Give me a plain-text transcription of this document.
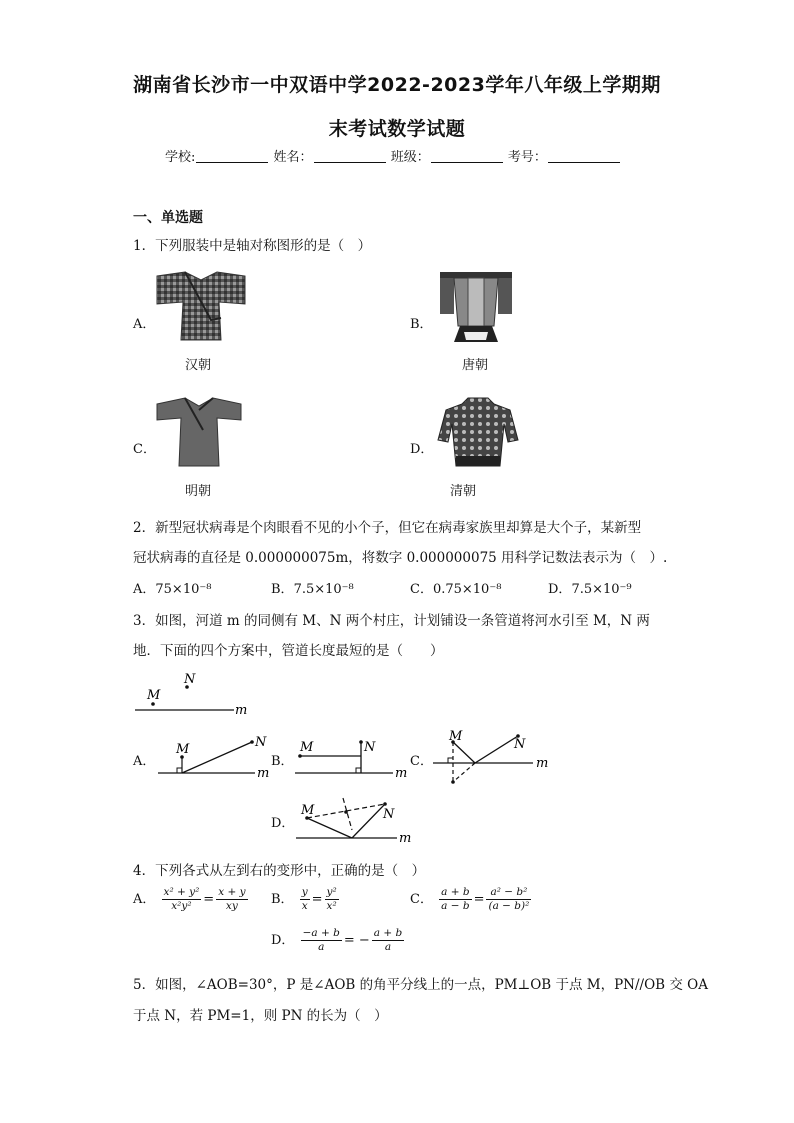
湖南省长沙市一中双语中学2022-2023学年八年级上学期期
末考试数学试题
学校:	姓名：	班级：	考号：
一、单选题
1．下列服装中是轴对称图形的是（　）
A．
汉朝
B．
唐朝
C．
明朝
D．
清朝
2．新型冠状病毒是个肉眼看不见的小个子，但它在病毒家族里却算是大个子，某新型
冠状病毒的直径是 0.000000075m，将数字 0.000000075 用科学记数法表示为（　）.
A．75×10⁻⁸	B．7.5×10⁻⁸	C．0.75×10⁻⁸	D．7.5×10⁻⁹
3．如图，河道 m 的同侧有 M、N 两个村庄，计划铺设一条管道将河水引至 M，N 两
地．下面的四个方案中，管道长度最短的是（　　）
M
N
m
A．
M	N
m
B．
M	N
m
C．
M
N
m
D．
M	N
m
4．下列各式从左到右的变形中，正确的是（　）
A． $\frac{\text{x² + y²}}{\text{x²y²}} = \frac{x + y}{xy}$ B． $\frac{y}{x} = \frac{\text{y²}}{\text{x²}}$	C． $\frac{a + b}{a - b} = \frac{\text{a² − b²}}{\text{(a − b)²}}$
D． $\frac{-a + b}{a}$ = − $\frac{a + b}{a}$
5．如图，∠AOB=30°，P 是∠AOB 的角平分线上的一点，PM⊥OB 于点 M，PN//OB 交 OA
于点 N，若 PM=1，则 PN 的长为（　）
